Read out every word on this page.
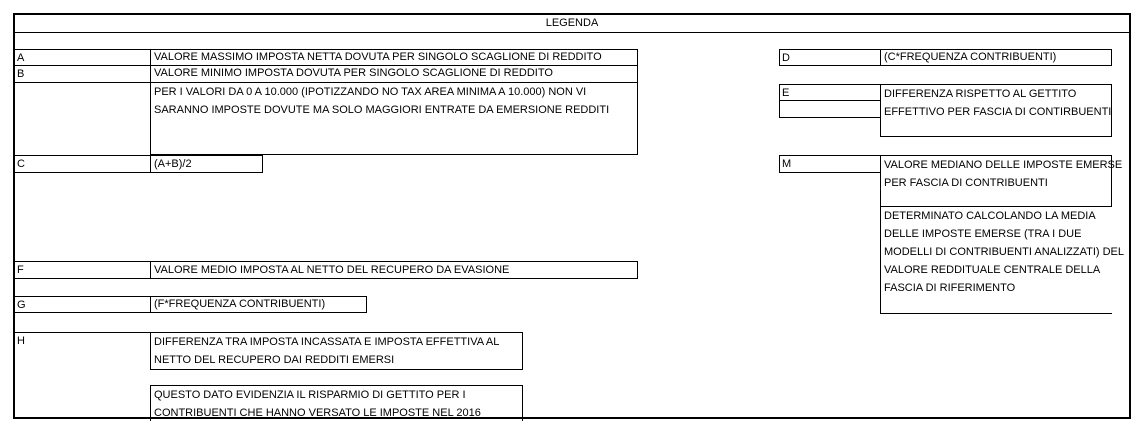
LEGENDA
A	VALORE MASSIMO IMPOSTA NETTA DOVUTA PER SINGOLO SCAGLIONE DI REDDITO
B	VALORE MINIMO IMPOSTA DOVUTA PER SINGOLO SCAGLIONE DI REDDITO
PER I VALORI DA 0 A 10.000 (IPOTIZZANDO NO TAX AREA MINIMA A 10.000) NON VI
SARANNO IMPOSTE DOVUTE MA SOLO MAGGIORI ENTRATE DA EMERSIONE REDDITI
C	(A+B)/2
F	VALORE MEDIO IMPOSTA AL NETTO DEL RECUPERO DA EVASIONE
G	(F*FREQUENZA CONTRIBUENTI)
H	DIFFERENZA TRA IMPOSTA INCASSATA E IMPOSTA EFFETTIVA AL
NETTO DEL RECUPERO DAI REDDITI EMERSI
QUESTO DATO EVIDENZIA IL RISPARMIO DI GETTITO PER I
CONTRIBUENTI CHE HANNO VERSATO LE IMPOSTE NEL 2016
D	(C*FREQUENZA CONTRIBUENTI)
E	DIFFERENZA RISPETTO AL GETTITO
EFFETTIVO PER FASCIA DI CONTIRBUENTI
M	VALORE MEDIANO DELLE IMPOSTE EMERSE
PER FASCIA DI CONTRIBUENTI
DETERMINATO CALCOLANDO LA MEDIA
DELLE IMPOSTE EMERSE (TRA I DUE
MODELLI DI CONTRIBUENTI ANALIZZATI) DEL
VALORE REDDITUALE CENTRALE DELLA
FASCIA DI RIFERIMENTO
